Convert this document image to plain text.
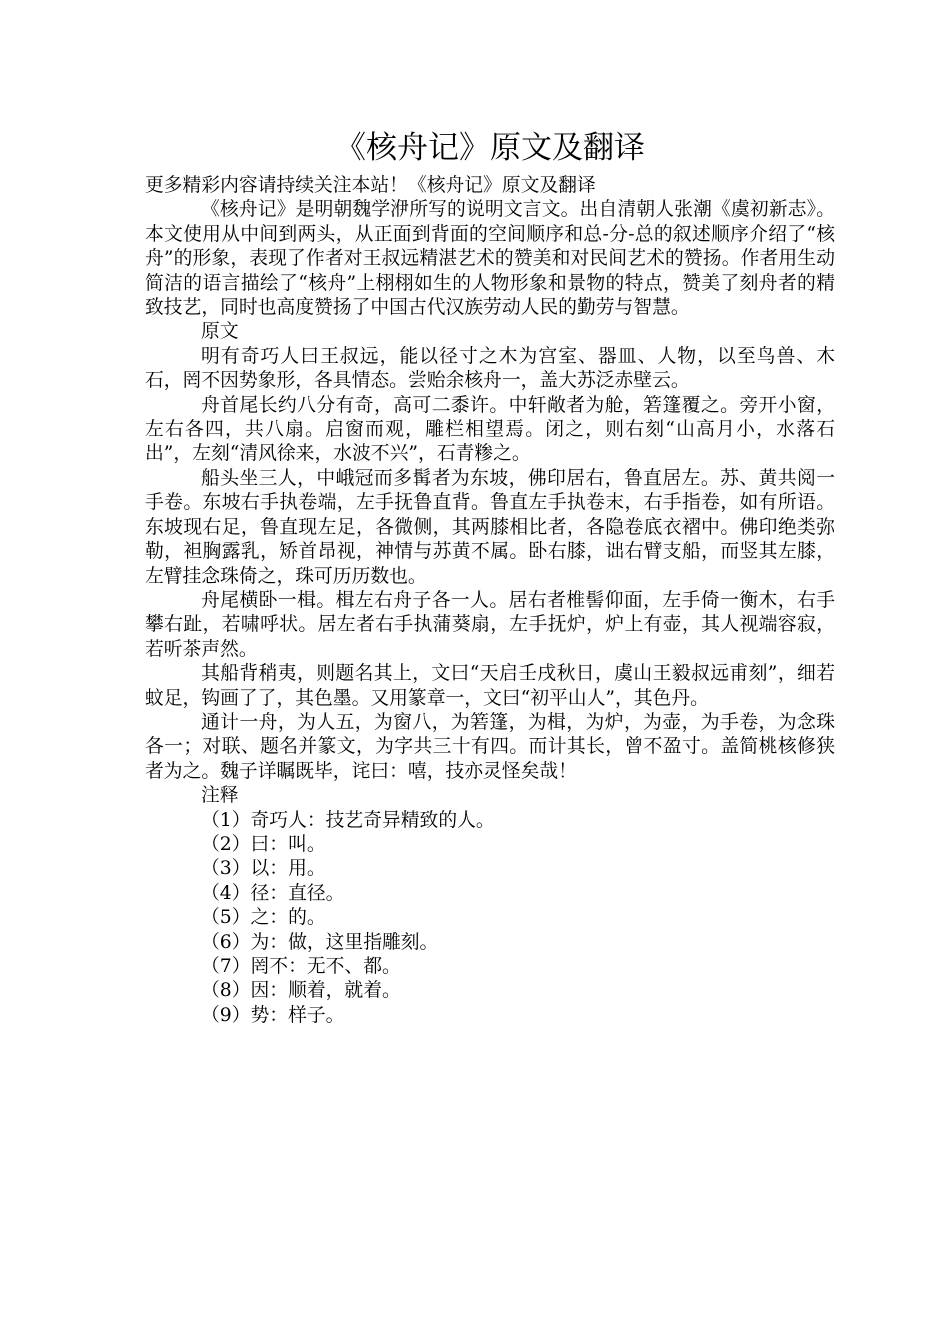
《核舟记》原文及翻译

更多精彩内容请持续关注本站！《核舟记》原文及翻译

《核舟记》是明朝魏学洢所写的说明文言文。出自清朝人张潮《虞初新志》。本文使用从中间到两头，从正面到背面的空间顺序和总-分-总的叙述顺序介绍了“核舟”的形象，表现了作者对王叔远精湛艺术的赞美和对民间艺术的赞扬。作者用生动简洁的语言描绘了“核舟”上栩栩如生的人物形象和景物的特点，赞美了刻舟者的精致技艺，同时也高度赞扬了中国古代汉族劳动人民的勤劳与智慧。

原文

明有奇巧人曰王叔远，能以径寸之木为宫室、器皿、人物，以至鸟兽、木石，罔不因势象形，各具情态。尝贻余核舟一，盖大苏泛赤壁云。

舟首尾长约八分有奇，高可二黍许。中轩敞者为舱，箬篷覆之。旁开小窗，左右各四，共八扇。启窗而观，雕栏相望焉。闭之，则右刻“山高月小，水落石出”，左刻“清风徐来，水波不兴”，石青糁之。

船头坐三人，中峨冠而多髯者为东坡，佛印居右，鲁直居左。苏、黄共阅一手卷。东坡右手执卷端，左手抚鲁直背。鲁直左手执卷末，右手指卷，如有所语。东坡现右足，鲁直现左足，各微侧，其两膝相比者，各隐卷底衣褶中。佛印绝类弥勒，袒胸露乳，矫首昂视，神情与苏黄不属。卧右膝，诎右臂支船，而竖其左膝，左臂挂念珠倚之，珠可历历数也。

舟尾横卧一楫。楫左右舟子各一人。居右者椎髻仰面，左手倚一衡木，右手攀右趾，若啸呼状。居左者右手执蒲葵扇，左手抚炉，炉上有壶，其人视端容寂，若听茶声然。

其船背稍夷，则题名其上，文曰“天启壬戌秋日，虞山王毅叔远甫刻”，细若蚊足，钩画了了，其色墨。又用篆章一，文曰“初平山人”，其色丹。

通计一舟，为人五，为窗八，为箬篷，为楫，为炉，为壶，为手卷，为念珠各一；对联、题名并篆文，为字共三十有四。而计其长，曾不盈寸。盖简桃核修狭者为之。魏子详瞩既毕，诧曰：嘻，技亦灵怪矣哉！

注释

（1）奇巧人：技艺奇异精致的人。
（2）曰：叫。
（3）以：用。
（4）径：直径。
（5）之：的。
（6）为：做，这里指雕刻。
（7）罔不：无不、都。
（8）因：顺着，就着。
（9）势：样子。
